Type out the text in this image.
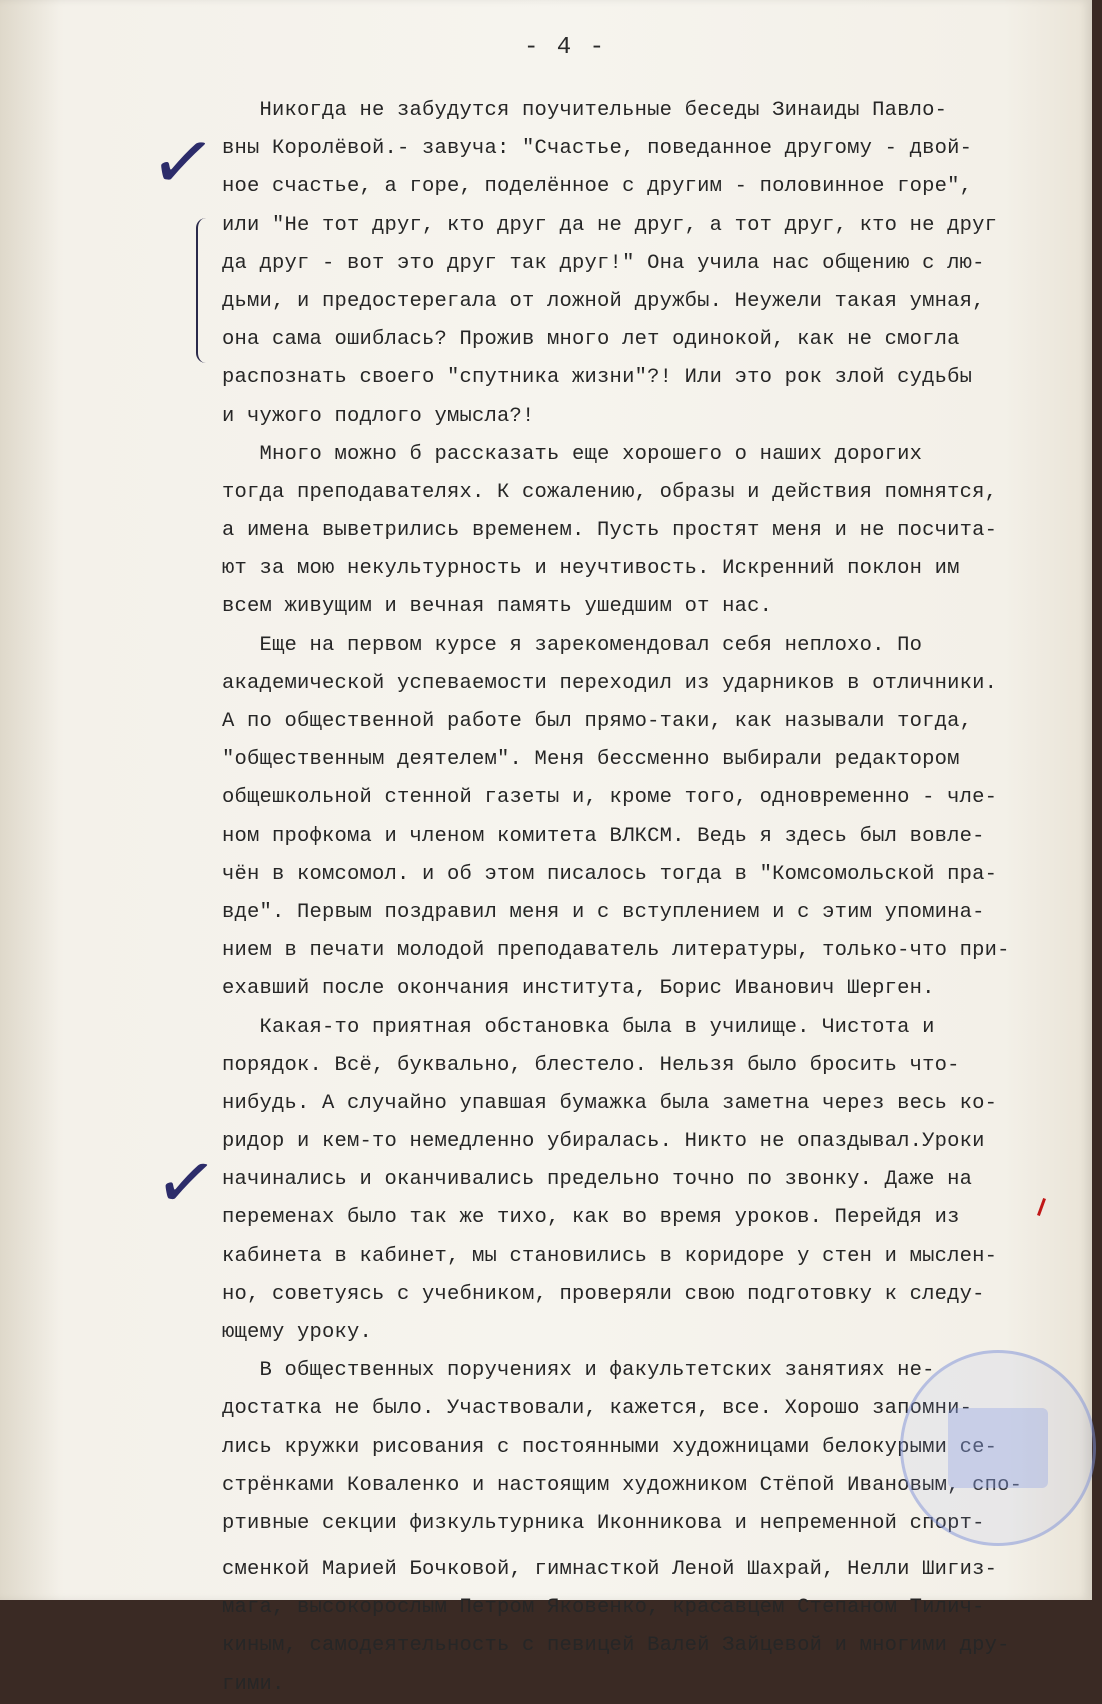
- 4 -
✓
✓
Никогда не забудутся поучительные беседы Зинаиды Павло-
вны Королёвой.- завуча: "Счастье, поведанное другому - двой-
ное счастье, а горе, поделённое с другим - половинное горе",
или "Не тот друг, кто друг да не друг, а тот друг, кто не друг
да друг - вот это друг так друг!" Она учила нас общению с лю-
дьми, и предостерегала от ложной дружбы. Неужели такая умная,
она сама ошиблась? Прожив много лет одинокой, как не смогла
распознать своего "спутника жизни"?! Или это рок злой судьбы
и чужого подлого умысла?!
Много можно б рассказать еще хорошего о наших дорогих
тогда преподавателях. К сожалению, образы и действия помнятся,
а имена выветрились временем. Пусть простят меня и не посчита-
ют за мою некультурность и неучтивость. Искренний поклон им
всем живущим и вечная память ушедшим от нас.
Еще на первом курсе я зарекомендовал себя неплохо. По
академической успеваемости переходил из ударников в отличники.
А по общественной работе был прямо-таки, как называли тогда,
"общественным деятелем". Меня бессменно выбирали редактором
общешкольной стенной газеты и, кроме того, одновременно - чле-
ном профкома и членом комитета ВЛКСМ. Ведь я здесь был вовле-
чён в комсомол. и об этом писалось тогда в "Комсомольской пра-
вде". Первым поздравил меня и с вступлением и с этим упомина-
нием в печати молодой преподаватель литературы, только-что при-
ехавший после окончания института, Борис Иванович Шерген.
Какая-то приятная обстановка была в училище. Чистота и
порядок. Всё, буквально, блестело. Нельзя было бросить что-
нибудь. А случайно упавшая бумажка была заметна через весь ко-
ридор и кем-то немедленно убиралась. Никто не опаздывал.Уроки
начинались и оканчивались предельно точно по звонку. Даже на
переменах было так же тихо, как во время уроков. Перейдя из
кабинета в кабинет, мы становились в коридоре у стен и мыслен-
но, советуясь с учебником, проверяли свою подготовку к следу-
ющему уроку.
В общественных поручениях и факультетских занятиях не-
достатка не было. Участвовали, кажется, все. Хорошо запомни-
лись кружки рисования с постоянными художницами белокурыми се-
стрёнками Коваленко и настоящим художником Стёпой Ивановым, спо-
ртивные секции физкультурника Иконникова и непременной спорт-
сменкой Марией Бочковой, гимнасткой Леной Шахрай, Нелли Шигиз-
мага, высокорослым Петром Яковенко, красавцем Степаном Тилич-
киным, самодеятельность с певицей Валей Зайцевой и многими дру-
гими.
